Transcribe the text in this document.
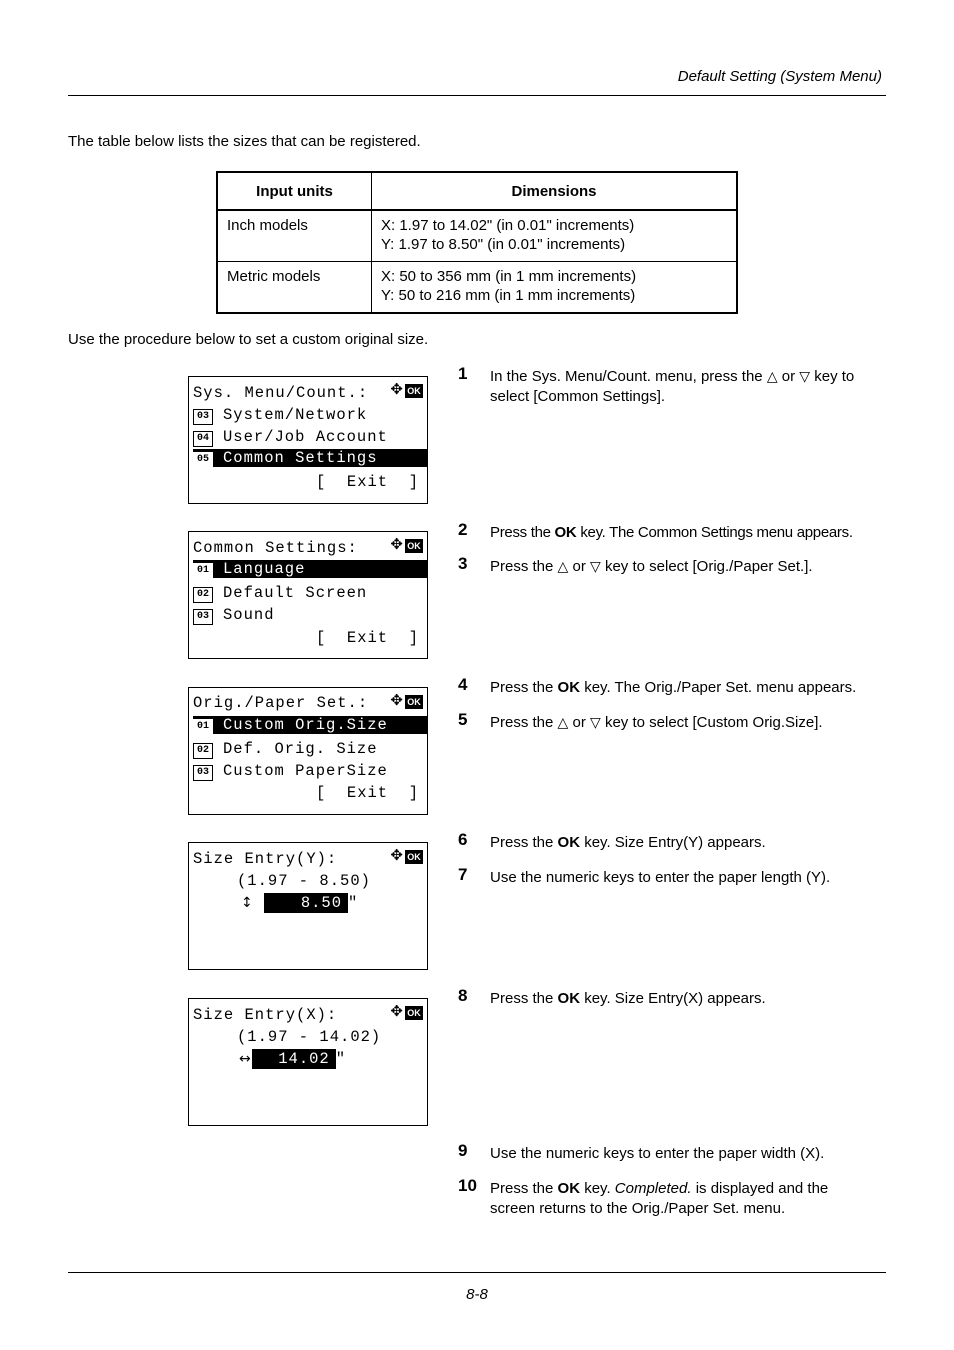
Default Setting (System Menu)
The table below lists the sizes that can be registered.
Input units	Dimensions
Inch models	X: 1.97 to 14.02" (in 0.01" increments)
Y: 1.97 to 8.50" (in 0.01" increments)

Metric models	X: 50 to 356 mm (in 1 mm increments)
Y: 50 to 216 mm (in 1 mm increments)
Use the procedure below to set a custom original size.
Sys. Menu/Count.:	✥ OK
03 System/Network
04 User/Job Account
05 Common Settings
[  Exit  ]
Common Settings:	✥ OK
01 Language
02 Default Screen
03 Sound
[  Exit  ]
Orig./Paper Set.:	✥ OK
01 Custom Orig.Size
02 Def. Orig. Size
03 Custom PaperSize
[  Exit  ]
Size Entry(Y):	✥ OK
(1.97 - 8.50)
↕	8.50 "
Size Entry(X):	✥ OK
(1.97 - 14.02)
↔ 14.02 "
1 In the Sys. Menu/Count. menu, press the △ or ▽ key to select [Common Settings].
2 Press the OK key. The Common Settings menu appears.
3 Press the △ or ▽ key to select [Orig./Paper Set.].
4 Press the OK key. The Orig./Paper Set. menu appears.
5 Press the △ or ▽ key to select [Custom Orig.Size].
6 Press the OK key. Size Entry(Y) appears.
7 Use the numeric keys to enter the paper length (Y).
8 Press the OK key. Size Entry(X) appears.
9 Use the numeric keys to enter the paper width (X).
10 Press the OK key. Completed. is displayed and the screen returns to the Orig./Paper Set. menu.
8-8
